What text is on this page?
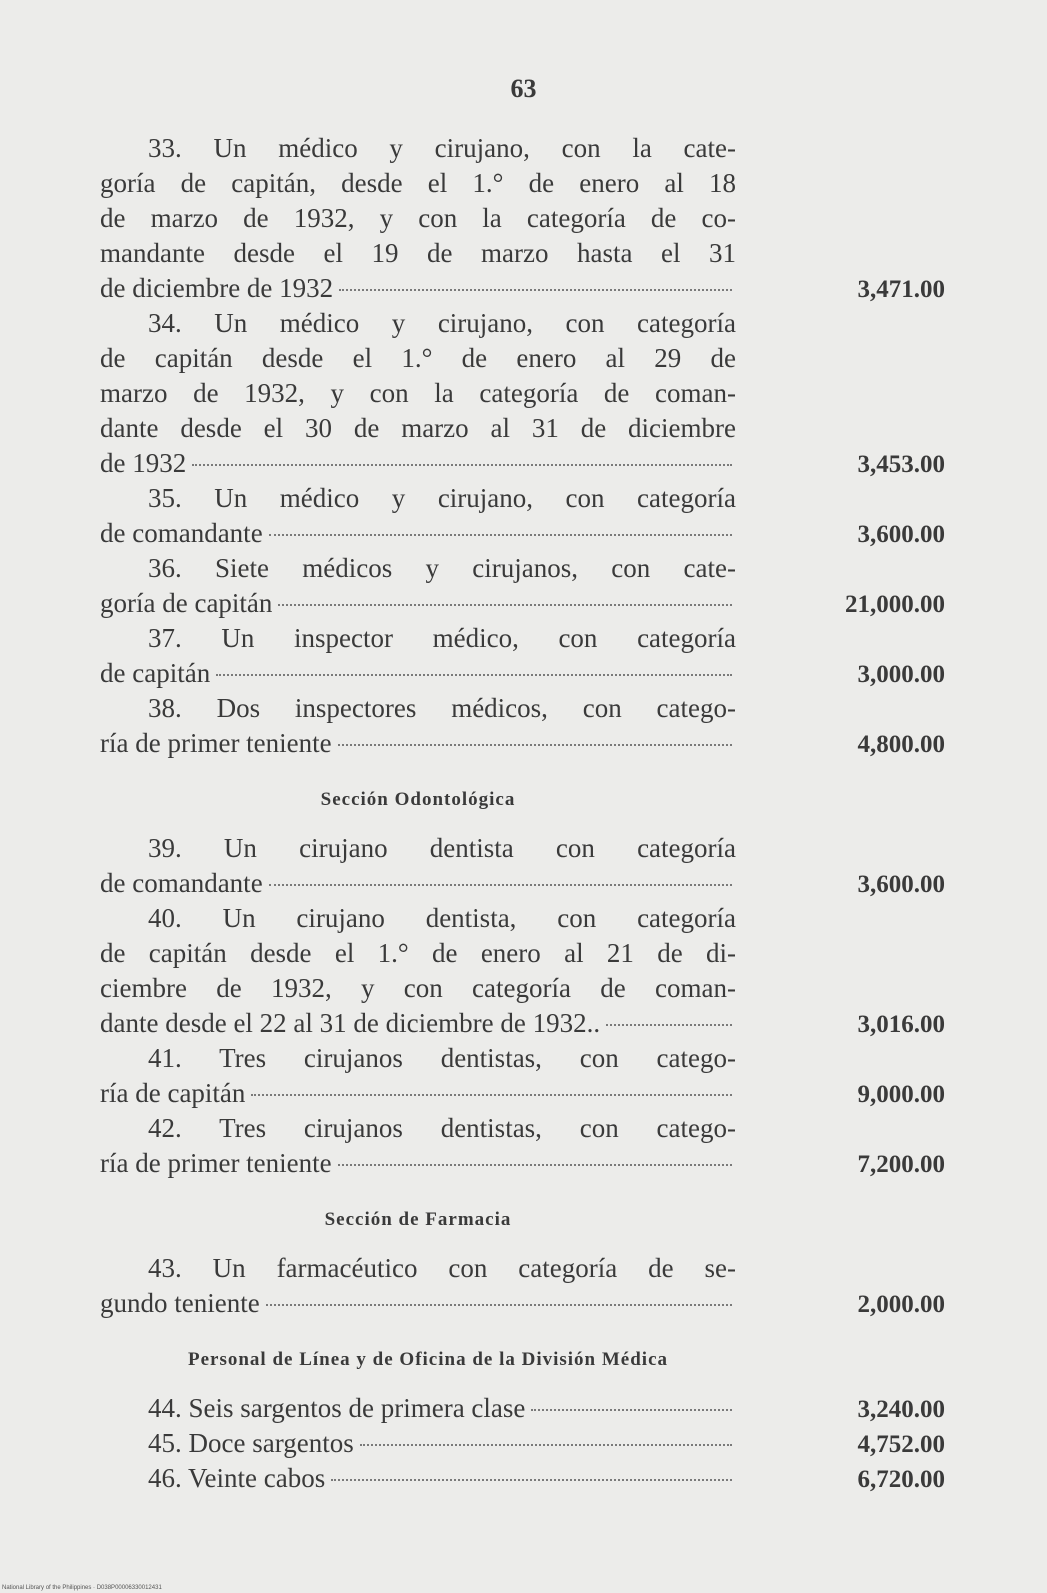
63
33. Un médico y cirujano, con la cate-
goría de capitán, desde el 1.° de enero al 18
de marzo de 1932, y con la categoría de co-
mandante desde el 19 de marzo hasta el 31
de diciembre de 1932	3,471.00
34. Un médico y cirujano, con categoría
de capitán desde el 1.° de enero al 29 de
marzo de 1932, y con la categoría de coman-
dante desde el 30 de marzo al 31 de diciembre
de 1932	3,453.00
35. Un médico y cirujano, con categoría
de comandante	3,600.00
36. Siete médicos y cirujanos, con cate-
goría de capitán	21,000.00
37. Un inspector médico, con categoría
de capitán	3,000.00
38. Dos inspectores médicos, con catego-
ría de primer teniente	4,800.00
Sección Odontológica
39. Un cirujano dentista con categoría
de comandante	3,600.00
40. Un cirujano dentista, con categoría
de capitán desde el 1.° de enero al 21 de di-
ciembre de 1932, y con categoría de coman-
dante desde el 22 al 31 de diciembre de 1932..	3,016.00
41. Tres cirujanos dentistas, con catego-
ría de capitán	9,000.00
42. Tres cirujanos dentistas, con catego-
ría de primer teniente	7,200.00
Sección de Farmacia
43. Un farmacéutico con categoría de se-
gundo teniente	2,000.00
Personal de Línea y de Oficina de la División Médica
44. Seis sargentos de primera clase	3,240.00
45. Doce sargentos	4,752.00
46. Veinte cabos	6,720.00
National Library of the Philippines · D038P00006330012431
